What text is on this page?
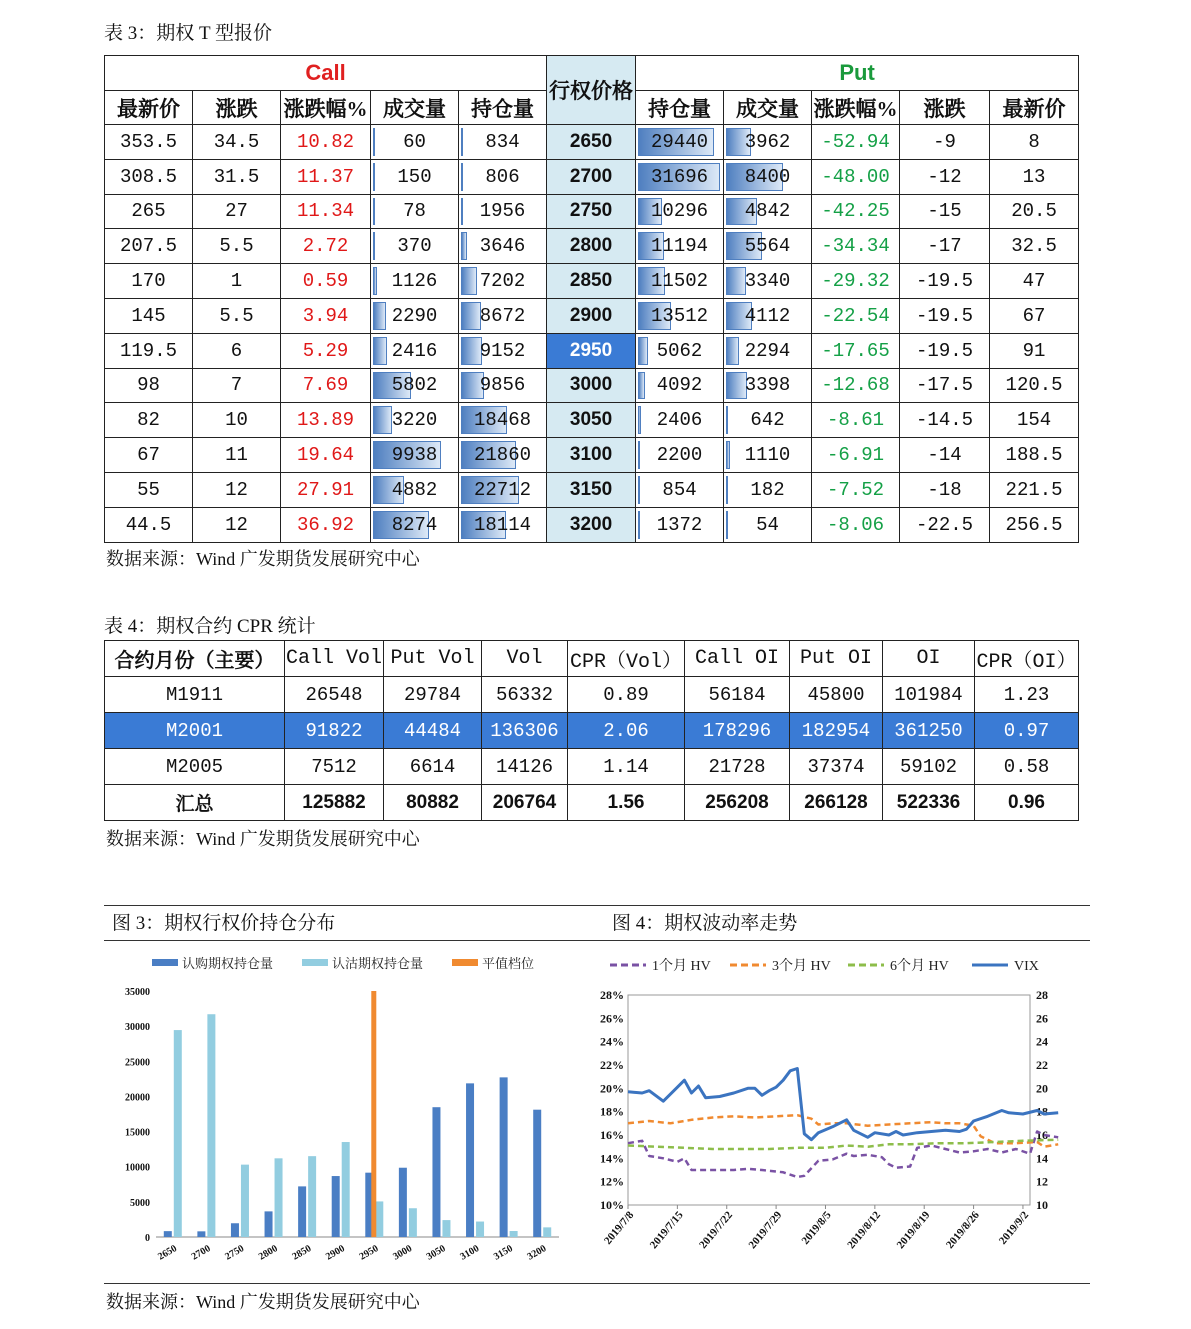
表 3：期权 T 型报价
Call					行权价格	Put				
最新价	涨跌	涨跌幅%	成交量	持仓量		持仓量	成交量	涨跌幅%	涨跌	最新价
353.5	34.5	10.82	60	834	2650	29440	3962	-52.94	-9	8
308.5	31.5	11.37	150	806	2700	31696	8400	-48.00	-12	13
265	27	11.34	78	1956	2750	10296	4842	-42.25	-15	20.5
207.5	5.5	2.72	370	3646	2800	11194	5564	-34.34	-17	32.5
170	1	0.59	1126	7202	2850	11502	3340	-29.32	-19.5	47
145	5.5	3.94	2290	8672	2900	13512	4112	-22.54	-19.5	67
119.5	6	5.29	2416	9152	2950	5062	2294	-17.65	-19.5	91
98	7	7.69	5802	9856	3000	4092	3398	-12.68	-17.5	120.5
82	10	13.89	3220	18468	3050	2406	642	-8.61	-14.5	154
67	11	19.64	9938	21860	3100	2200	1110	-6.91	-14	188.5
55	12	27.91	4882	22712	3150	854	182	-7.52	-18	221.5
44.5	12	36.92	8274	18114	3200	1372	54	-8.06	-22.5	256.5
数据来源：Wind 广发期货发展研究中心
表 4：期权合约 CPR 统计
合约月份（主要）	Call Vol	Put Vol	Vol	CPR（Vol）	Call OI	Put OI	OI	CPR（OI）
M1911	26548	29784	56332	0.89	56184	45800	101984	1.23
M2001	91822	44484	136306	2.06	178296	182954	361250	0.97
M2005	7512	6614	14126	1.14	21728	37374	59102	0.58
汇总	125882	80882	206764	1.56	256208	266128	522336	0.96
数据来源：Wind 广发期货发展研究中心
图 3：期权行权价持仓分布	图 4：期权波动率走势
认购期权持仓量	认沽期权持仓量	平值档位
0
5000
10000
15000
20000
25000
30000
35000
2650 2700 2750 2800 2850 2900 2950 3000 3050 3100 3150 3200
1个月 HV	3个月 HV	6个月 HV	VIX
10%
12%
14%
16%
18%
20%
22%
24%
26%
28%
10
12
14
16
18
20
22
24
26
28
2019/7/8 2019/7/15 2019/7/22 2019/7/29 2019/8/5 2019/8/12 2019/8/19 2019/8/26 2019/9/2
数据来源：Wind 广发期货发展研究中心
